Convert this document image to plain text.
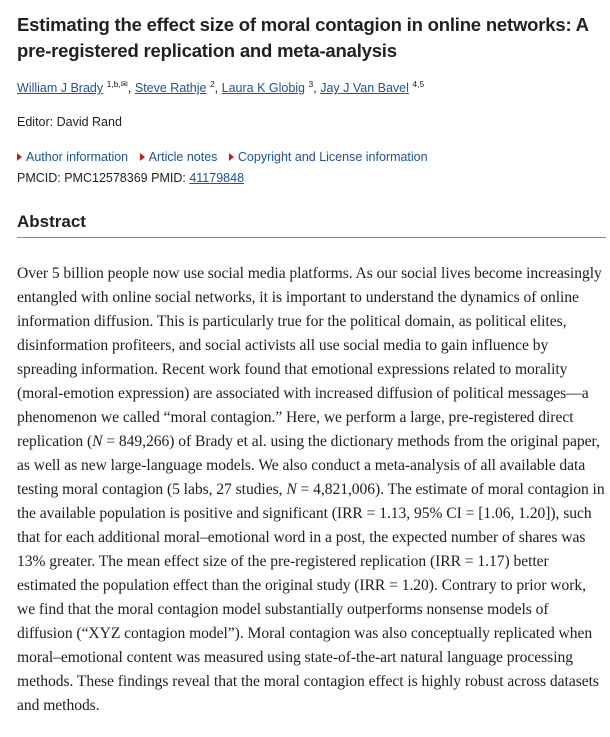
Estimating the effect size of moral contagion in online networks: A pre-registered replication and meta-analysis
William J Brady $^{1,b,✉}$, Steve Rathje $^2$, Laura K Globig $^3$, Jay J Van Bavel $^{4,5}$
Editor: David Rand
Author information Article notes Copyright and License information
PMCID: PMC12578369 PMID: 41179848
Abstract

Over 5 billion people now use social media platforms. As our social lives become increasingly entangled with online social networks, it is important to understand the dynamics of online information diffusion. This is particularly true for the political domain, as political elites, disinformation profiteers, and social activists all use social media to gain influence by spreading information. Recent work found that emotional expressions related to morality (moral-emotion expression) are associated with increased diffusion of political messages—a phenomenon we called “moral contagion.” Here, we perform a large, pre-registered direct replication (N = 849,266) of Brady et al. using the dictionary methods from the original paper, as well as new large-language models. We also conduct a meta-analysis of all available data testing moral contagion (5 labs, 27 studies, N = 4,821,006). The estimate of moral contagion in the available population is positive and significant (IRR = 1.13, 95% CI = [1.06, 1.20]), such that for each additional moral–emotional word in a post, the expected number of shares was 13% greater. The mean effect size of the pre-registered replication (IRR = 1.17) better estimated the population effect than the original study (IRR = 1.20). Contrary to prior work, we find that the moral contagion model substantially outperforms nonsense models of diffusion (“XYZ contagion model”). Moral contagion was also conceptually replicated when moral–emotional content was measured using state-of-the-art natural language processing methods. These findings reveal that the moral contagion effect is highly robust across datasets and methods.
